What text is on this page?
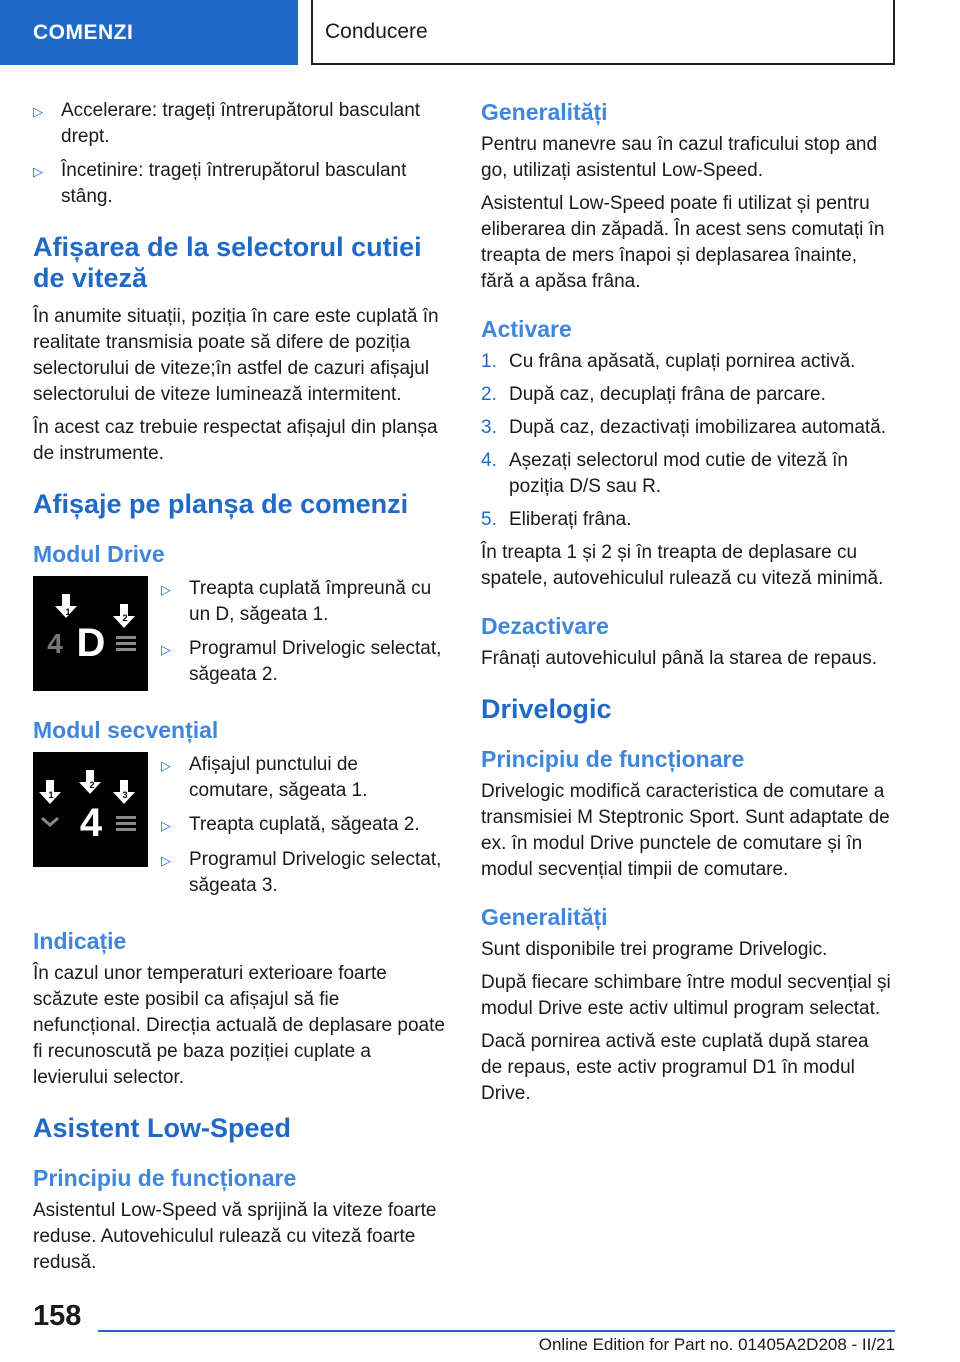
COMENZI	Conducere
▷ Accelerare: trageți întrerupătorul basculant drept.
▷ Încetinire: trageți întrerupătorul basculant stâng.
Afișarea de la selectorul cutiei de viteză

În anumite situații, poziția în care este cuplată în realitate transmisia poate să difere de poziția selectorului de viteze;în astfel de cazuri afișajul selectorului de viteze luminează intermitent.

În acest caz trebuie respectat afișajul din planșa de instrumente.

Afișaje pe planșa de comenzi
Modul Drive
1
2
4 D
▷ Treapta cuplată împreună cu un D, săgeata 1.
▷ Programul Drivelogic selectat, săgeata 2.
Modul secvențial
1
2
3
4
▷ Afișajul punctului de comutare, săgeata 1.
▷ Treapta cuplată, săgeata 2.
▷ Programul Drivelogic selectat, săgeata 3.
Indicație

În cazul unor temperaturi exterioare foarte scăzute este posibil ca afișajul să fie nefuncțional. Direcția actuală de deplasare poate fi recunoscută pe baza poziției cuplate a levierului selector.

Asistent Low-Speed
Principiu de funcționare

Asistentul Low-Speed vă sprijină la viteze foarte reduse. Autovehiculul rulează cu viteză foarte redusă.

Generalități

Pentru manevre sau în cazul traficului stop and go, utilizați asistentul Low-Speed.

Asistentul Low-Speed poate fi utilizat și pentru eliberarea din zăpadă. În acest sens comutați în treapta de mers înapoi și deplasarea înainte, fără a apăsa frâna.

Activare
1. Cu frâna apăsată, cuplați pornirea activă.
2. După caz, decuplați frâna de parcare.
3. După caz, dezactivați imobilizarea automată.
4. Așezați selectorul mod cutie de viteză în poziția D/S sau R.
5. Eliberați frâna.

În treapta 1 și 2 și în treapta de deplasare cu spatele, autovehiculul rulează cu viteză minimă.

Dezactivare

Frânați autovehiculul până la starea de repaus.

Drivelogic
Principiu de funcționare

Drivelogic modifică caracteristica de comutare a transmisiei M Steptronic Sport. Sunt adaptate de ex. în modul Drive punctele de comutare și în modul secvențial timpii de comutare.

Generalități

Sunt disponibile trei programe Drivelogic.

După fiecare schimbare între modul secvențial și modul Drive este activ ultimul program selectat.

Dacă pornirea activă este cuplată după starea de repaus, este activ programul D1 în modul Drive.

158
Online Edition for Part no. 01405A2D208 - II/21
